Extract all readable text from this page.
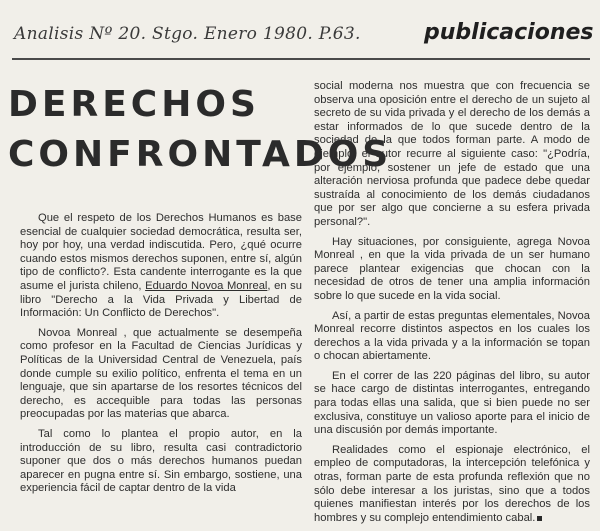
Analisis Nº 20. Stgo. Enero 1980. P.63.	publicaciones
DERECHOS
CONFRONTADOS

Que el respeto de los Derechos Humanos es base esencial de cualquier sociedad democrática, resulta ser, hoy por hoy, una verdad indiscutida. Pero, ¿qué ocurre cuando estos mismos derechos suponen, entre sí, algún tipo de conflicto?. Esta candente interrogante es la que asume el jurista chileno, Eduardo Novoa Monreal, en su libro "Derecho a la Vida Privada y Libertad de Información: Un Conflicto de Derechos".

Novoa Monreal , que actualmente se desempeña como profesor en la Facultad de Ciencias Jurídicas y Políticas de la Universidad Central de Venezuela, país donde cumple su exilio político, enfrenta el tema en un lenguaje, que sin apartarse de los resortes técnicos del derecho, es accequible para todas las personas preocupadas por las materias que abarca.

Tal como lo plantea el propio autor, en la introducción de su libro, resulta casi contradictorio suponer que dos o más derechos humanos puedan aparecer en pugna entre sí. Sin embargo, sostiene, una experiencia fácil de captar dentro de la vida

social moderna nos muestra que con frecuencia se observa una oposición entre el derecho de un sujeto al secreto de su vida privada y el derecho de los demás a estar informados de lo que sucede dentro de la sociedad de la que todos forman parte. A modo de ejemplo, el autor recurre al siguiente caso: "¿Podría, por ejemplo, sostener un jefe de estado que una alteración nerviosa profunda que padece debe quedar sustraída al conocimiento de los demás ciudadanos que por ser algo que concierne a su esfera privada personal?".

Hay situaciones, por consiguiente, agrega Novoa Monreal , en que la vida privada de un ser humano parece plantear exigencias que chocan con la necesidad de otros de tener una amplia información sobre lo que sucede en la vida social.

Así, a partir de estas preguntas elementales, Novoa Monreal recorre distintos aspectos en los cuales los derechos a la vida privada y a la información se topan o chocan abiertamente.

En el correr de las 220 páginas del libro, su autor se hace cargo de distintas interrogantes, entregando para todas ellas una salida, que si bien puede no ser exclusiva, constituye un valioso aporte para el inicio de una discusión por demás importante.

Realidades como el espionaje electrónico, el empleo de computadoras, la intercepción telefónica y otras, forman parte de esta profunda reflexión que no sólo debe interesar a los juristas, sino que a todos quienes manifiestan interés por los derechos de los hombres y su complejo entendimiento cabal.
